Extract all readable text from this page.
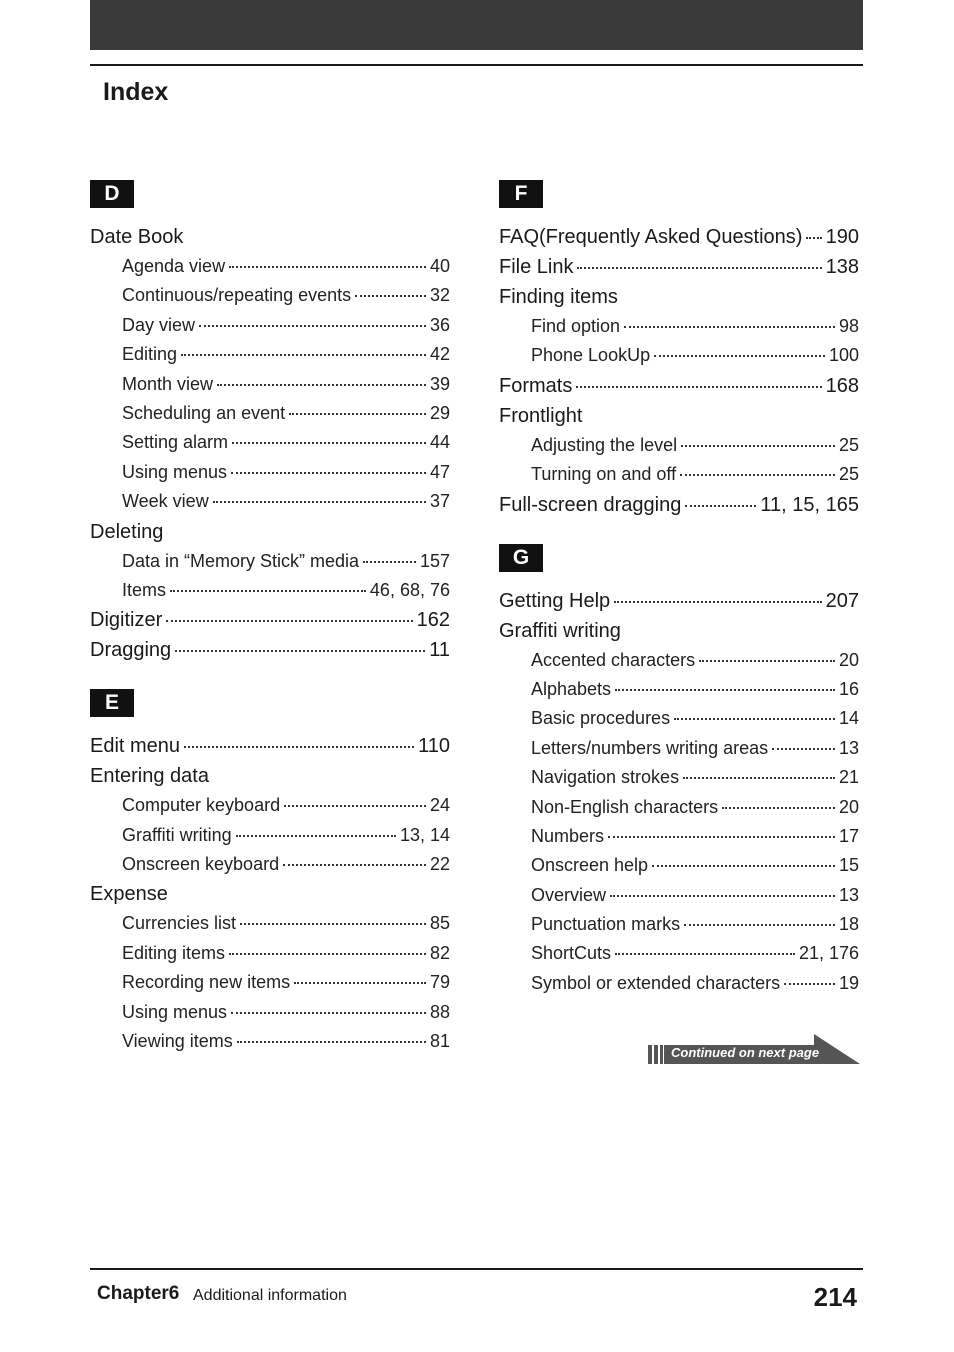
Index
D
Date Book
Agenda view	40
Continuous/repeating events	32
Day view	36
Editing	42
Month view	39
Scheduling an event	29
Setting alarm	44
Using menus	47
Week view	37
Deleting
Data in “Memory Stick” media	157
Items	46, 68, 76
Digitizer	162
Dragging	11
E
Edit menu	110
Entering data
Computer keyboard	24
Graffiti writing	13, 14
Onscreen keyboard	22
Expense
Currencies list	85
Editing items	82
Recording new items	79
Using menus	88
Viewing items	81
F
FAQ(Frequently Asked Questions) 190
File Link	138
Finding items
Find option	98
Phone LookUp	100
Formats	168
Frontlight
Adjusting the level	25
Turning on and off	25
Full-screen dragging	11, 15, 165
G
Getting Help	207
Graffiti writing
Accented characters	20
Alphabets	16
Basic procedures	14
Letters/numbers writing areas	13
Navigation strokes	21
Non-English characters	20
Numbers	17
Onscreen help	15
Overview	13
Punctuation marks	18
ShortCuts	21, 176
Symbol or extended characters	19
Continued on next page
Chapter6 Additional information	214
